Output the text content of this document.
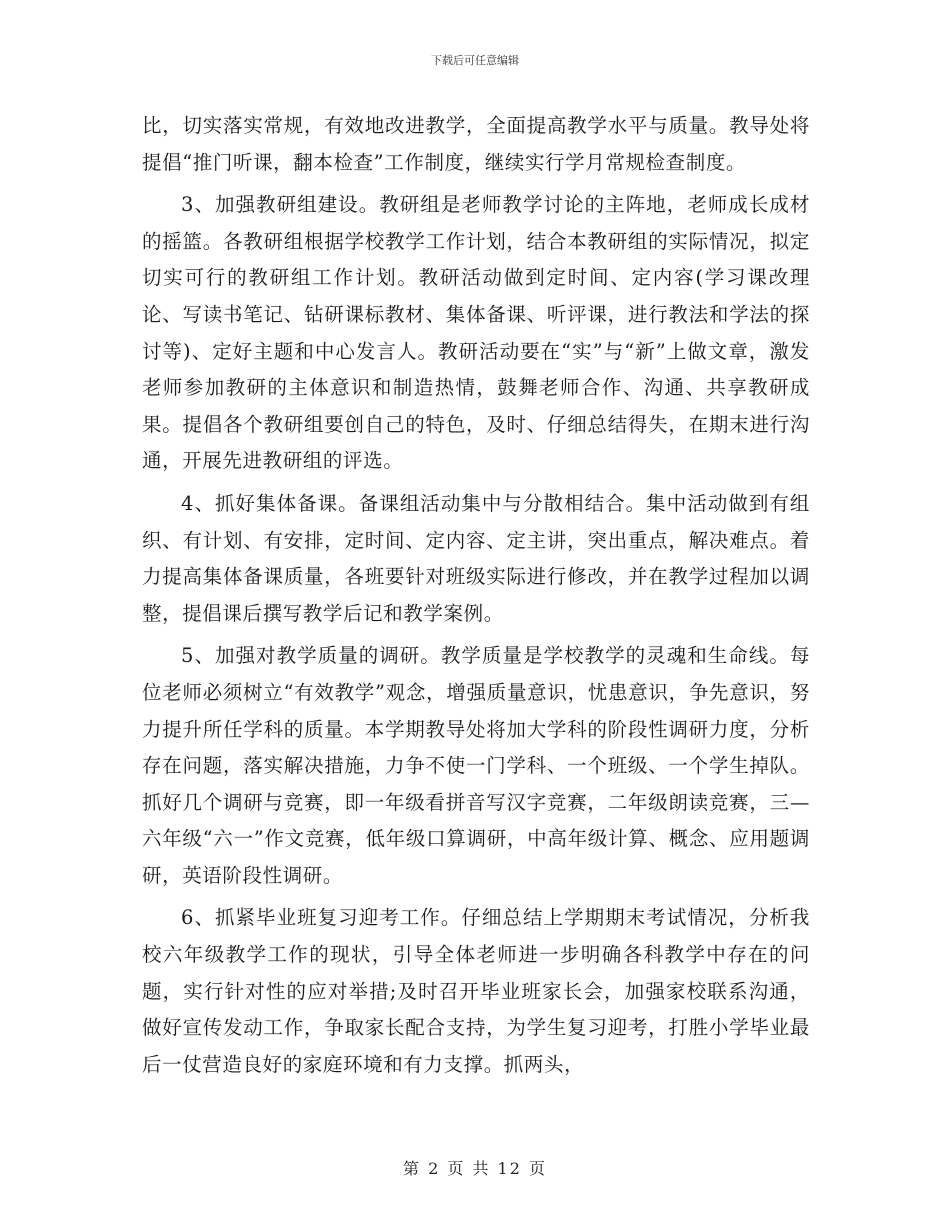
下载后可任意编辑

比，切实落实常规，有效地改进教学，全面提高教学水平与质量。教导处将提倡“推门听课，翻本检查”工作制度，继续实行学月常规检查制度。

3、加强教研组建设。教研组是老师教学讨论的主阵地，老师成长成材的摇篮。各教研组根据学校教学工作计划，结合本教研组的实际情况，拟定切实可行的教研组工作计划。教研活动做到定时间、定内容(学习课改理论、写读书笔记、钻研课标教材、集体备课、听评课，进行教法和学法的探讨等)、定好主题和中心发言人。教研活动要在“实”与“新”上做文章，激发老师参加教研的主体意识和制造热情，鼓舞老师合作、沟通、共享教研成果。提倡各个教研组要创自己的特色，及时、仔细总结得失，在期末进行沟通，开展先进教研组的评选。

4、抓好集体备课。备课组活动集中与分散相结合。集中活动做到有组织、有计划、有安排，定时间、定内容、定主讲，突出重点，解决难点。着力提高集体备课质量，各班要针对班级实际进行修改，并在教学过程加以调整，提倡课后撰写教学后记和教学案例。

5、加强对教学质量的调研。教学质量是学校教学的灵魂和生命线。每位老师必须树立“有效教学”观念，增强质量意识，忧患意识，争先意识，努力提升所任学科的质量。本学期教导处将加大学科的阶段性调研力度，分析存在问题，落实解决措施，力争不使一门学科、一个班级、一个学生掉队。抓好几个调研与竞赛，即一年级看拼音写汉字竞赛，二年级朗读竞赛，三—六年级“六一”作文竞赛，低年级口算调研，中高年级计算、概念、应用题调研，英语阶段性调研。

6、抓紧毕业班复习迎考工作。仔细总结上学期期末考试情况，分析我校六年级教学工作的现状，引导全体老师进一步明确各科教学中存在的问题，实行针对性的应对举措;及时召开毕业班家长会，加强家校联系沟通，做好宣传发动工作，争取家长配合支持，为学生复习迎考，打胜小学毕业最后一仗营造良好的家庭环境和有力支撑。抓两头，

第 2 页 共 12 页
